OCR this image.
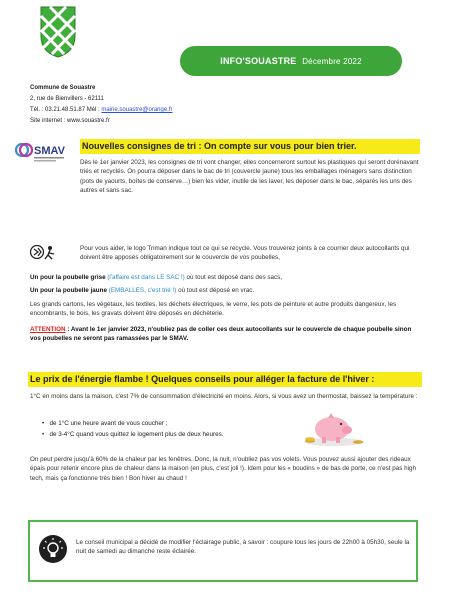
INFO'SOUASTRE Décembre 2022
Commune de Souastre
2, rue de Bienvillers - 62111
Tél. : 03.21.48.51.87 Mél : mairie.souastre@orange.fr
Site internet : www.souastre.fr
SMAV Nouvelles consignes de tri : On compte sur vous pour bien trier.
Dès le 1er janvier 2023, les consignes de tri vont changer, elles concerneront surtout les plastiques qui seront dorénavant triés et recyclés. On pourra déposer dans le bac de tri (couvercle jaune) tous les emballages ménagers sans distinction (pots de yaourts, boîtes de conserve…) bien les vider, inutile de les laver, les déposer dans le bac, séparés les uns des autres et sans sac.
Pour vous aider, le logo Triman indique tout ce qui se recycle. Vous trouverez joints à ce courrier deux autocollants qui doivent être apposés obligatoirement sur le couvercle de vos poubelles,
Un pour la poubelle grise (l'affaire est dans LE SAC !) où tout est déposé dans des sacs,
Un pour la poubelle jaune (EMBALLES, c'est trié !) où tout est déposé en vrac.
Les grands cartons, les végétaux, les textiles, les déchets électriques, le verre, les pots de peinture et autre produits dangereux, les encombrants, le bois, les gravats doivent être déposés en déchèterie.
ATTENTION : Avant le 1er janvier 2023, n'oubliez pas de coller ces deux autocollants sur le couvercle de chaque poubelle sinon vos poubelles ne seront pas ramassées par le SMAV.
Le prix de l'énergie flambe ! Quelques conseils pour alléger la facture de l'hiver :
1°C en moins dans la maison, c'est 7% de consommation d'électricité en moins. Alors, si vous avez un thermostat, baissez la température :
•   de 1°C une heure avant de vous coucher ;
•   de 3-4°C quand vous quittez le logement plus de deux heures.
On peut perdre jusqu'à 60% de la chaleur par les fenêtres. Donc, la nuit, n'oubliez pas vos volets. Vous pouvez aussi ajouter des rideaux épais pour retenir encore plus de chaleur dans la maison (en plus, c'est joli !). Idem pour les « boudins » de bas de porte, ce n'est pas high tech, mais ça fonctionne très bien ! Bon hiver au chaud !
Le conseil municipal a décidé de modifier l'éclairage public, à savoir : coupure tous les jours de 22h00 à 05h30, seule la nuit de samedi au dimanche reste éclairée.
